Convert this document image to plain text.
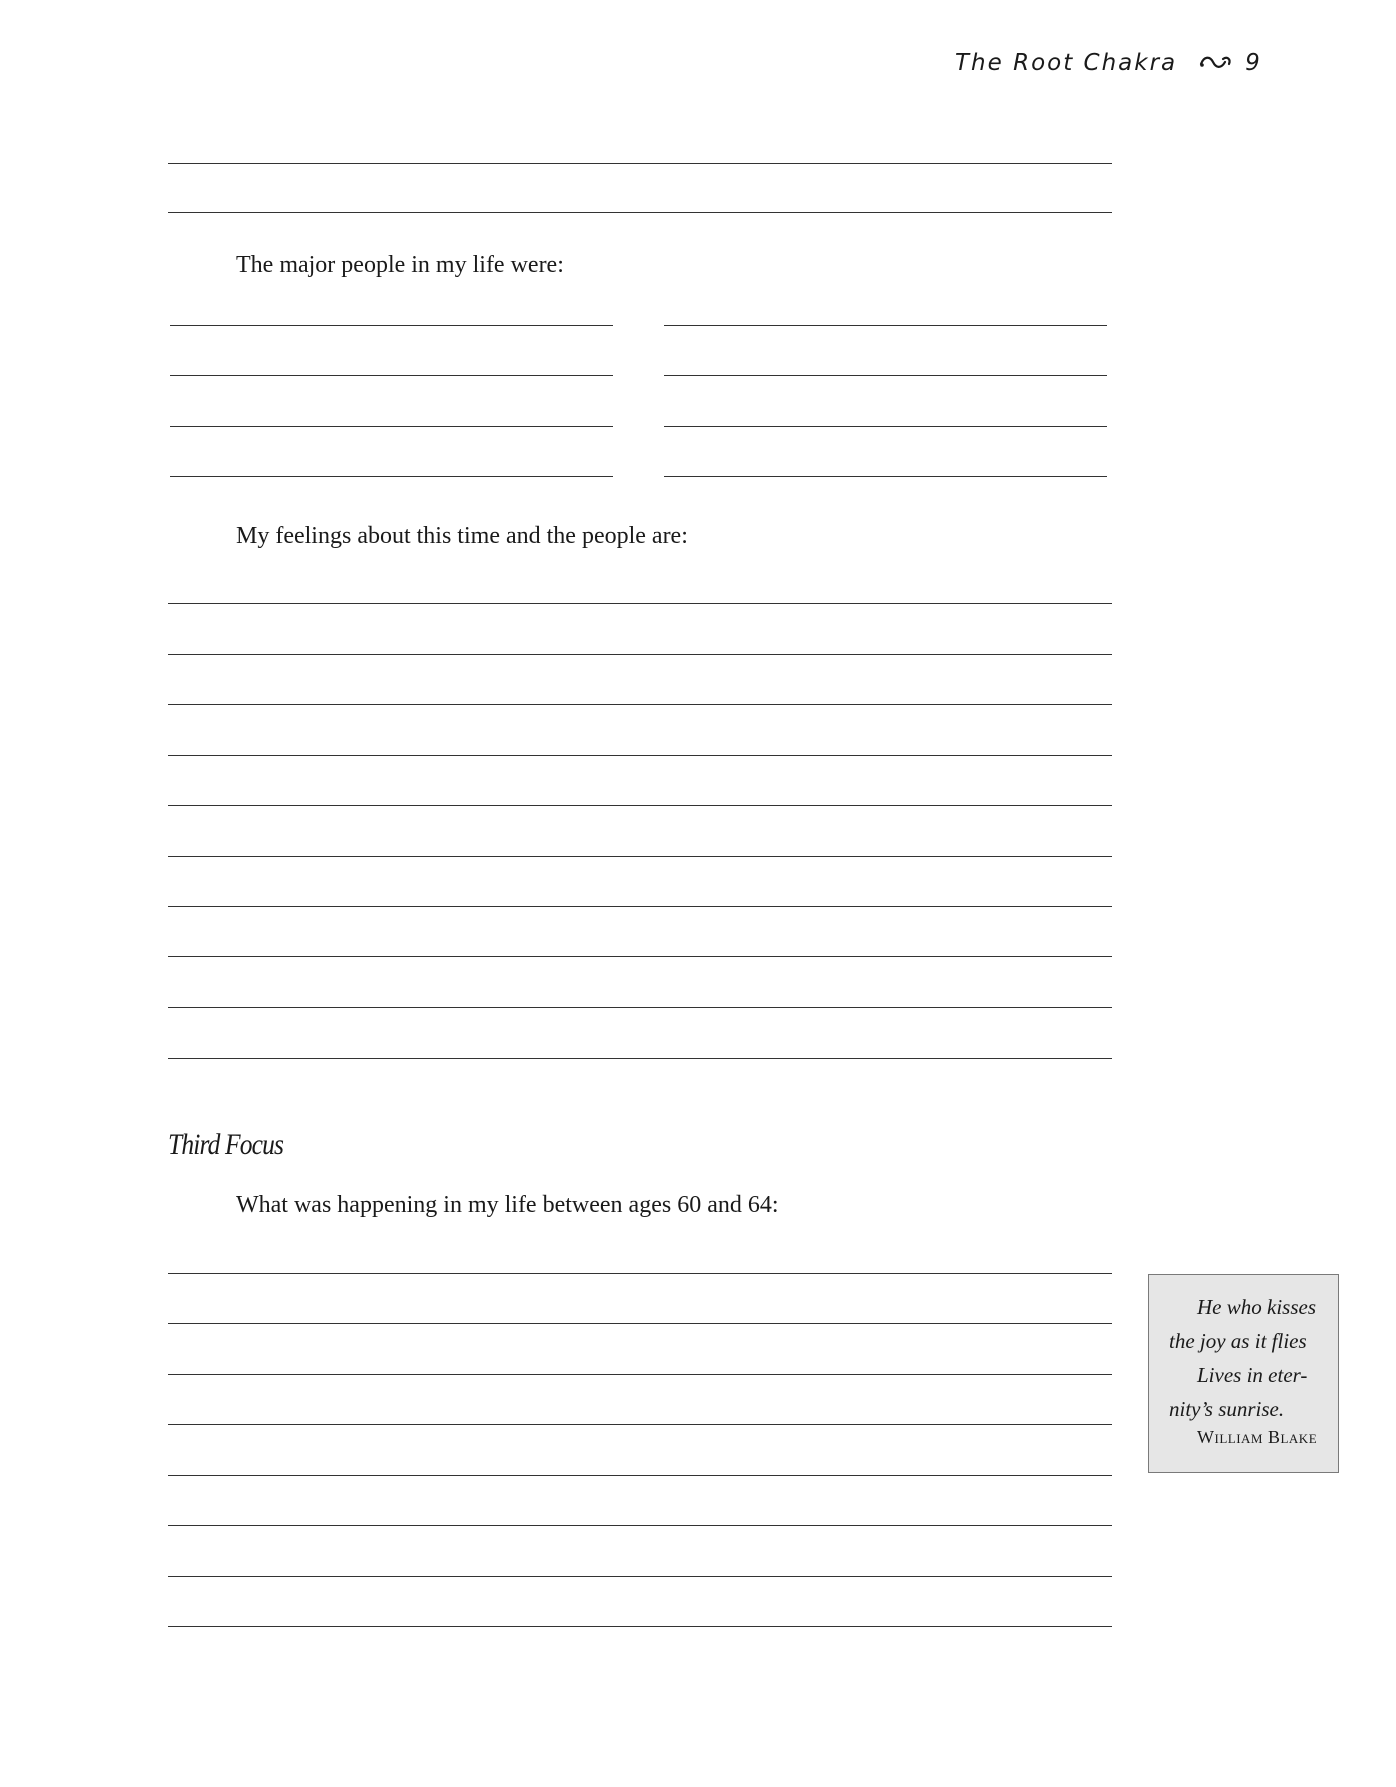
The Root Chakra	9
The major people in my life were:
My feelings about this time and the people are:
Third Focus
What was happening in my life between ages 60 and 64:
He who kisses
the joy as it flies
Lives in eter-
nity’s sunrise.
William Blake
